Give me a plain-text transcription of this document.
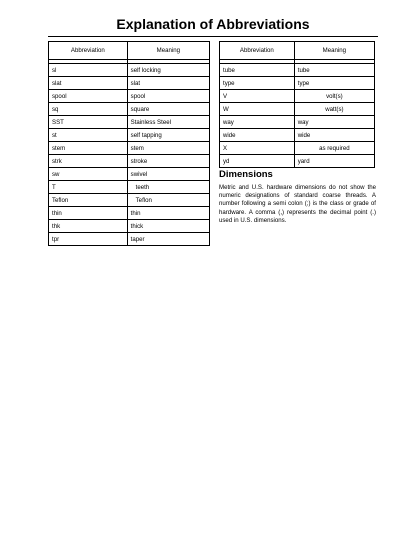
Explanation of Abbreviations
Abbreviation	Meaning

sl	self locking
slat	slat
spool	spool
sq	square
SST	Stainless Steel
st	self tapping
stem	stem
strk	stroke
sw	swivel
T	teeth
Teflon	Teflon
thin	thin
thk	thick
tpr	taper
Abbreviation	Meaning

tube	tube
type	type
V	volt(s)
W	watt(s)
way	way
wide	wide
X	as required
yd	yard
Dimensions
Metric and U.S. hardware dimensions do not show the numeric designations of standard coarse threads. A number following a semi colon (;) is the class or grade of hardware. A comma (,) represents the decimal point (.) used in U.S. dimensions.
